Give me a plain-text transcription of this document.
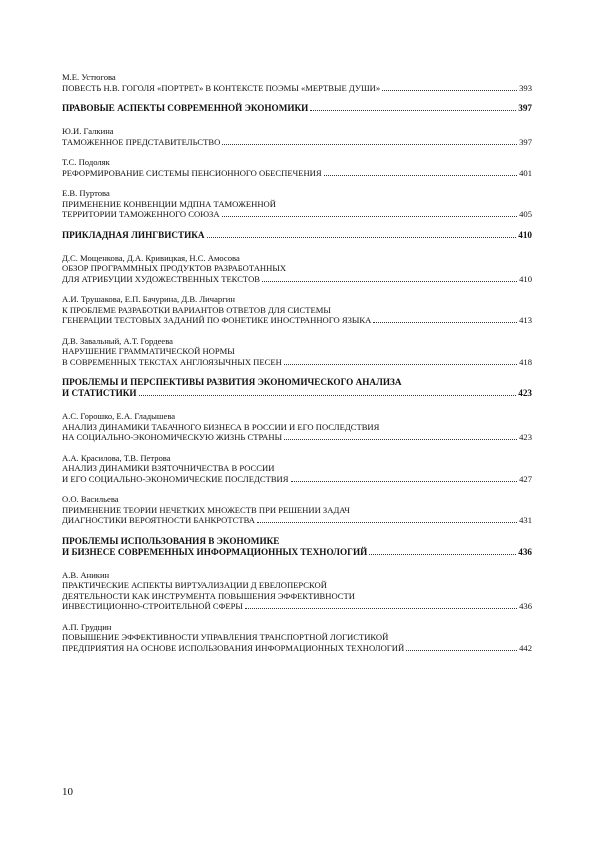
М.Е. Устюгова
ПОВЕСТЬ Н.В. ГОГОЛЯ «ПОРТРЕТ» В КОНТЕКСТЕ ПОЭМЫ «МЕРТВЫЕ ДУШИ»	393
ПРАВОВЫЕ АСПЕКТЫ СОВРЕМЕННОЙ ЭКОНОМИКИ	397
Ю.И. Галкина
ТАМОЖЕННОЕ ПРЕДСТАВИТЕЛЬСТВО	397
Т.С. Подоляк
РЕФОРМИРОВАНИЕ СИСТЕМЫ ПЕНСИОННОГО ОБЕСПЕЧЕНИЯ	401
Е.В. Пуртова
ПРИМЕНЕНИЕ КОНВЕНЦИИ МДПНА ТАМОЖЕННОЙ
ТЕРРИТОРИИ ТАМОЖЕННОГО СОЮЗА	405
ПРИКЛАДНАЯ ЛИНГВИСТИКА	410
Д.С. Мощенкова, Д.А. Кривицкая, Н.С. Амосова
ОБЗОР ПРОГРАММНЫХ ПРОДУКТОВ РАЗРАБОТАННЫХ
ДЛЯ АТРИБУЦИИ ХУДОЖЕСТВЕННЫХ ТЕКСТОВ	410
А.И. Трушакова, Е.П. Бачурина, Д.В. Личаргин
К ПРОБЛЕМЕ РАЗРАБОТКИ ВАРИАНТОВ ОТВЕТОВ ДЛЯ СИСТЕМЫ
ГЕНЕРАЦИИ ТЕСТОВЫХ ЗАДАНИЙ ПО ФОНЕТИКЕ ИНОСТРАННОГО ЯЗЫКА	413
Д.В. Завальный, А.Т. Гордеева
НАРУШЕНИЕ ГРАММАТИЧЕСКОЙ НОРМЫ
В СОВРЕМЕННЫХ ТЕКСТАХ АНГЛОЯЗЫЧНЫХ ПЕСЕН	418
ПРОБЛЕМЫ И ПЕРСПЕКТИВЫ РАЗВИТИЯ ЭКОНОМИЧЕСКОГО АНАЛИЗА
И СТАТИСТИКИ	423
А.С. Горошко, Е.А. Гладышева
АНАЛИЗ ДИНАМИКИ ТАБАЧНОГО БИЗНЕСА В РОССИИ И ЕГО ПОСЛЕДСТВИЯ
НА СОЦИАЛЬНО-ЭКОНОМИЧЕСКУЮ ЖИЗНЬ СТРАНЫ	423
А.А. Красилова, Т.В. Петрова
АНАЛИЗ ДИНАМИКИ ВЗЯТОЧНИЧЕСТВА В РОССИИ
И ЕГО СОЦИАЛЬНО-ЭКОНОМИЧЕСКИЕ ПОСЛЕДСТВИЯ	427
О.О. Васильева
ПРИМЕНЕНИЕ ТЕОРИИ НЕЧЕТКИХ МНОЖЕСТВ ПРИ РЕШЕНИИ ЗАДАЧ
ДИАГНОСТИКИ ВЕРОЯТНОСТИ БАНКРОТСТВА	431
ПРОБЛЕМЫ ИСПОЛЬЗОВАНИЯ В ЭКОНОМИКЕ
И БИЗНЕСЕ СОВРЕМЕННЫХ ИНФОРМАЦИОННЫХ ТЕХНОЛОГИЙ	436
А.В. Аникин
ПРАКТИЧЕСКИЕ АСПЕКТЫ ВИРТУАЛИЗАЦИИ Д ЕВЕЛОПЕРСКОЙ
ДЕЯТЕЛЬНОСТИ КАК ИНСТРУМЕНТА ПОВЫШЕНИЯ ЭФФЕКТИВНОСТИ
ИНВЕСТИЦИОННО-СТРОИТЕЛЬНОЙ СФЕРЫ	436
А.П. Грудцин
ПОВЫШЕНИЕ ЭФФЕКТИВНОСТИ УПРАВЛЕНИЯ ТРАНСПОРТНОЙ ЛОГИСТИКОЙ
ПРЕДПРИЯТИЯ НА ОСНОВЕ ИСПОЛЬЗОВАНИЯ ИНФОРМАЦИОННЫХ ТЕХНОЛОГИЙ	442
10
